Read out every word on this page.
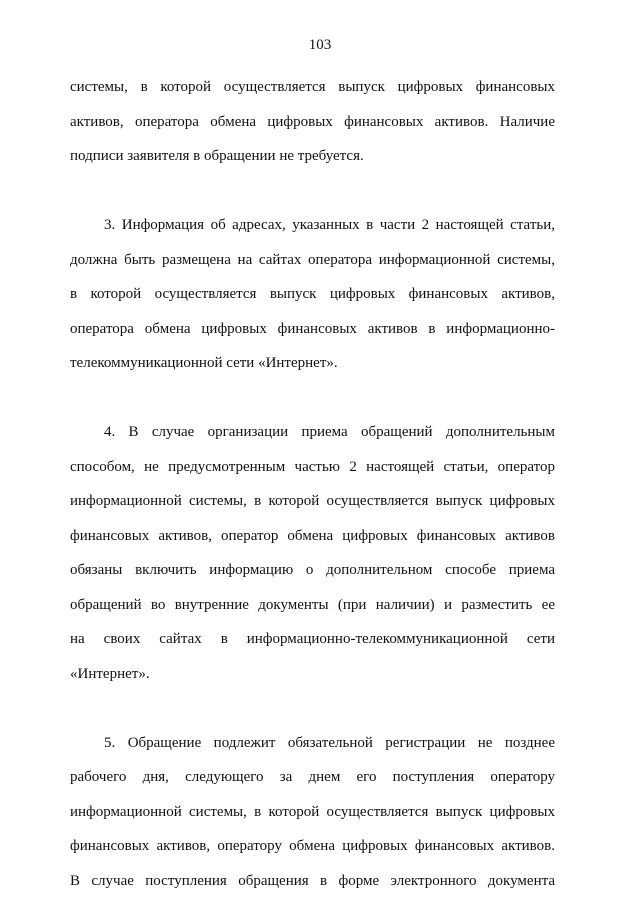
103
системы, в которой осуществляется выпуск цифровых финансовых
активов, оператора обмена цифровых финансовых активов. Наличие
подписи заявителя в обращении не требуется.
3. Информация об адресах, указанных в части 2 настоящей статьи,
должна быть размещена на сайтах оператора информационной системы,
в которой осуществляется выпуск цифровых финансовых активов,
оператора обмена цифровых финансовых активов в информационно-
телекоммуникационной сети «Интернет».
4. В случае организации приема обращений дополнительным
способом, не предусмотренным частью 2 настоящей статьи, оператор
информационной системы, в которой осуществляется выпуск цифровых
финансовых активов, оператор обмена цифровых финансовых активов
обязаны включить информацию о дополнительном способе приема
обращений во внутренние документы (при наличии) и разместить ее
на своих сайтах в информационно-телекоммуникационной сети
«Интернет».
5. Обращение подлежит обязательной регистрации не позднее
рабочего дня, следующего за днем его поступления оператору
информационной системы, в которой осуществляется выпуск цифровых
финансовых активов, оператору обмена цифровых финансовых активов.
В случае поступления обращения в форме электронного документа
